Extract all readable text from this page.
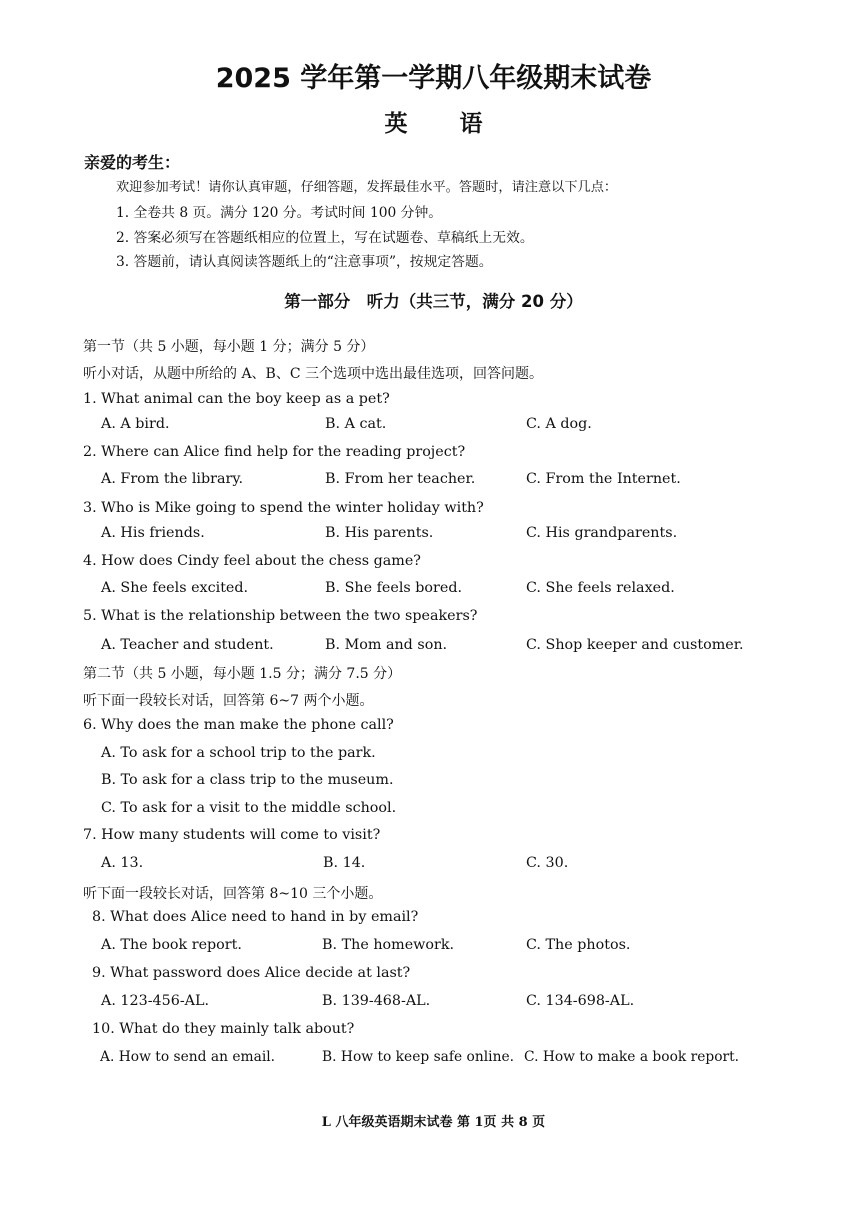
2025 学年第一学期八年级期末试卷
英 语
亲爱的考生：
欢迎参加考试！请你认真审题，仔细答题，发挥最佳水平。答题时，请注意以下几点：
1. 全卷共 8 页。满分 120 分。考试时间 100 分钟。
2. 答案必须写在答题纸相应的位置上，写在试题卷、草稿纸上无效。
3. 答题前，请认真阅读答题纸上的“注意事项”，按规定答题。
第一部分　听力（共三节，满分 20 分）
第一节（共 5 小题，每小题 1 分；满分 5 分）
听小对话，从题中所给的 A、B、C 三个选项中选出最佳选项，回答问题。
1. What animal can the boy keep as a pet?
A. A bird.	B. A cat.	C. A dog.
2. Where can Alice find help for the reading project?
A. From the library.	B. From her teacher.	C. From the Internet.
3. Who is Mike going to spend the winter holiday with?
A. His friends.	B. His parents.	C. His grandparents.
4. How does Cindy feel about the chess game?
A. She feels excited.	B. She feels bored.	C. She feels relaxed.
5. What is the relationship between the two speakers?
A. Teacher and student.	B. Mom and son.	C. Shop keeper and customer.
第二节（共 5 小题，每小题 1.5 分；满分 7.5 分）
听下面一段较长对话，回答第 6~7 两个小题。
6. Why does the man make the phone call?
A. To ask for a school trip to the park.
B. To ask for a class trip to the museum.
C. To ask for a visit to the middle school.
7. How many students will come to visit?
A. 13.	B. 14.	C. 30.
听下面一段较长对话，回答第 8~10 三个小题。
8. What does Alice need to hand in by email?
A. The book report.	B. The homework.	C. The photos.
9. What password does Alice decide at last?
A. 123-456-AL.	B. 139-468-AL.	C. 134-698-AL.
10. What do they mainly talk about?
A. How to send an email.	B. How to keep safe online. C. How to make a book report.
L 八年级英语期末试卷 第 1页 共 8 页
